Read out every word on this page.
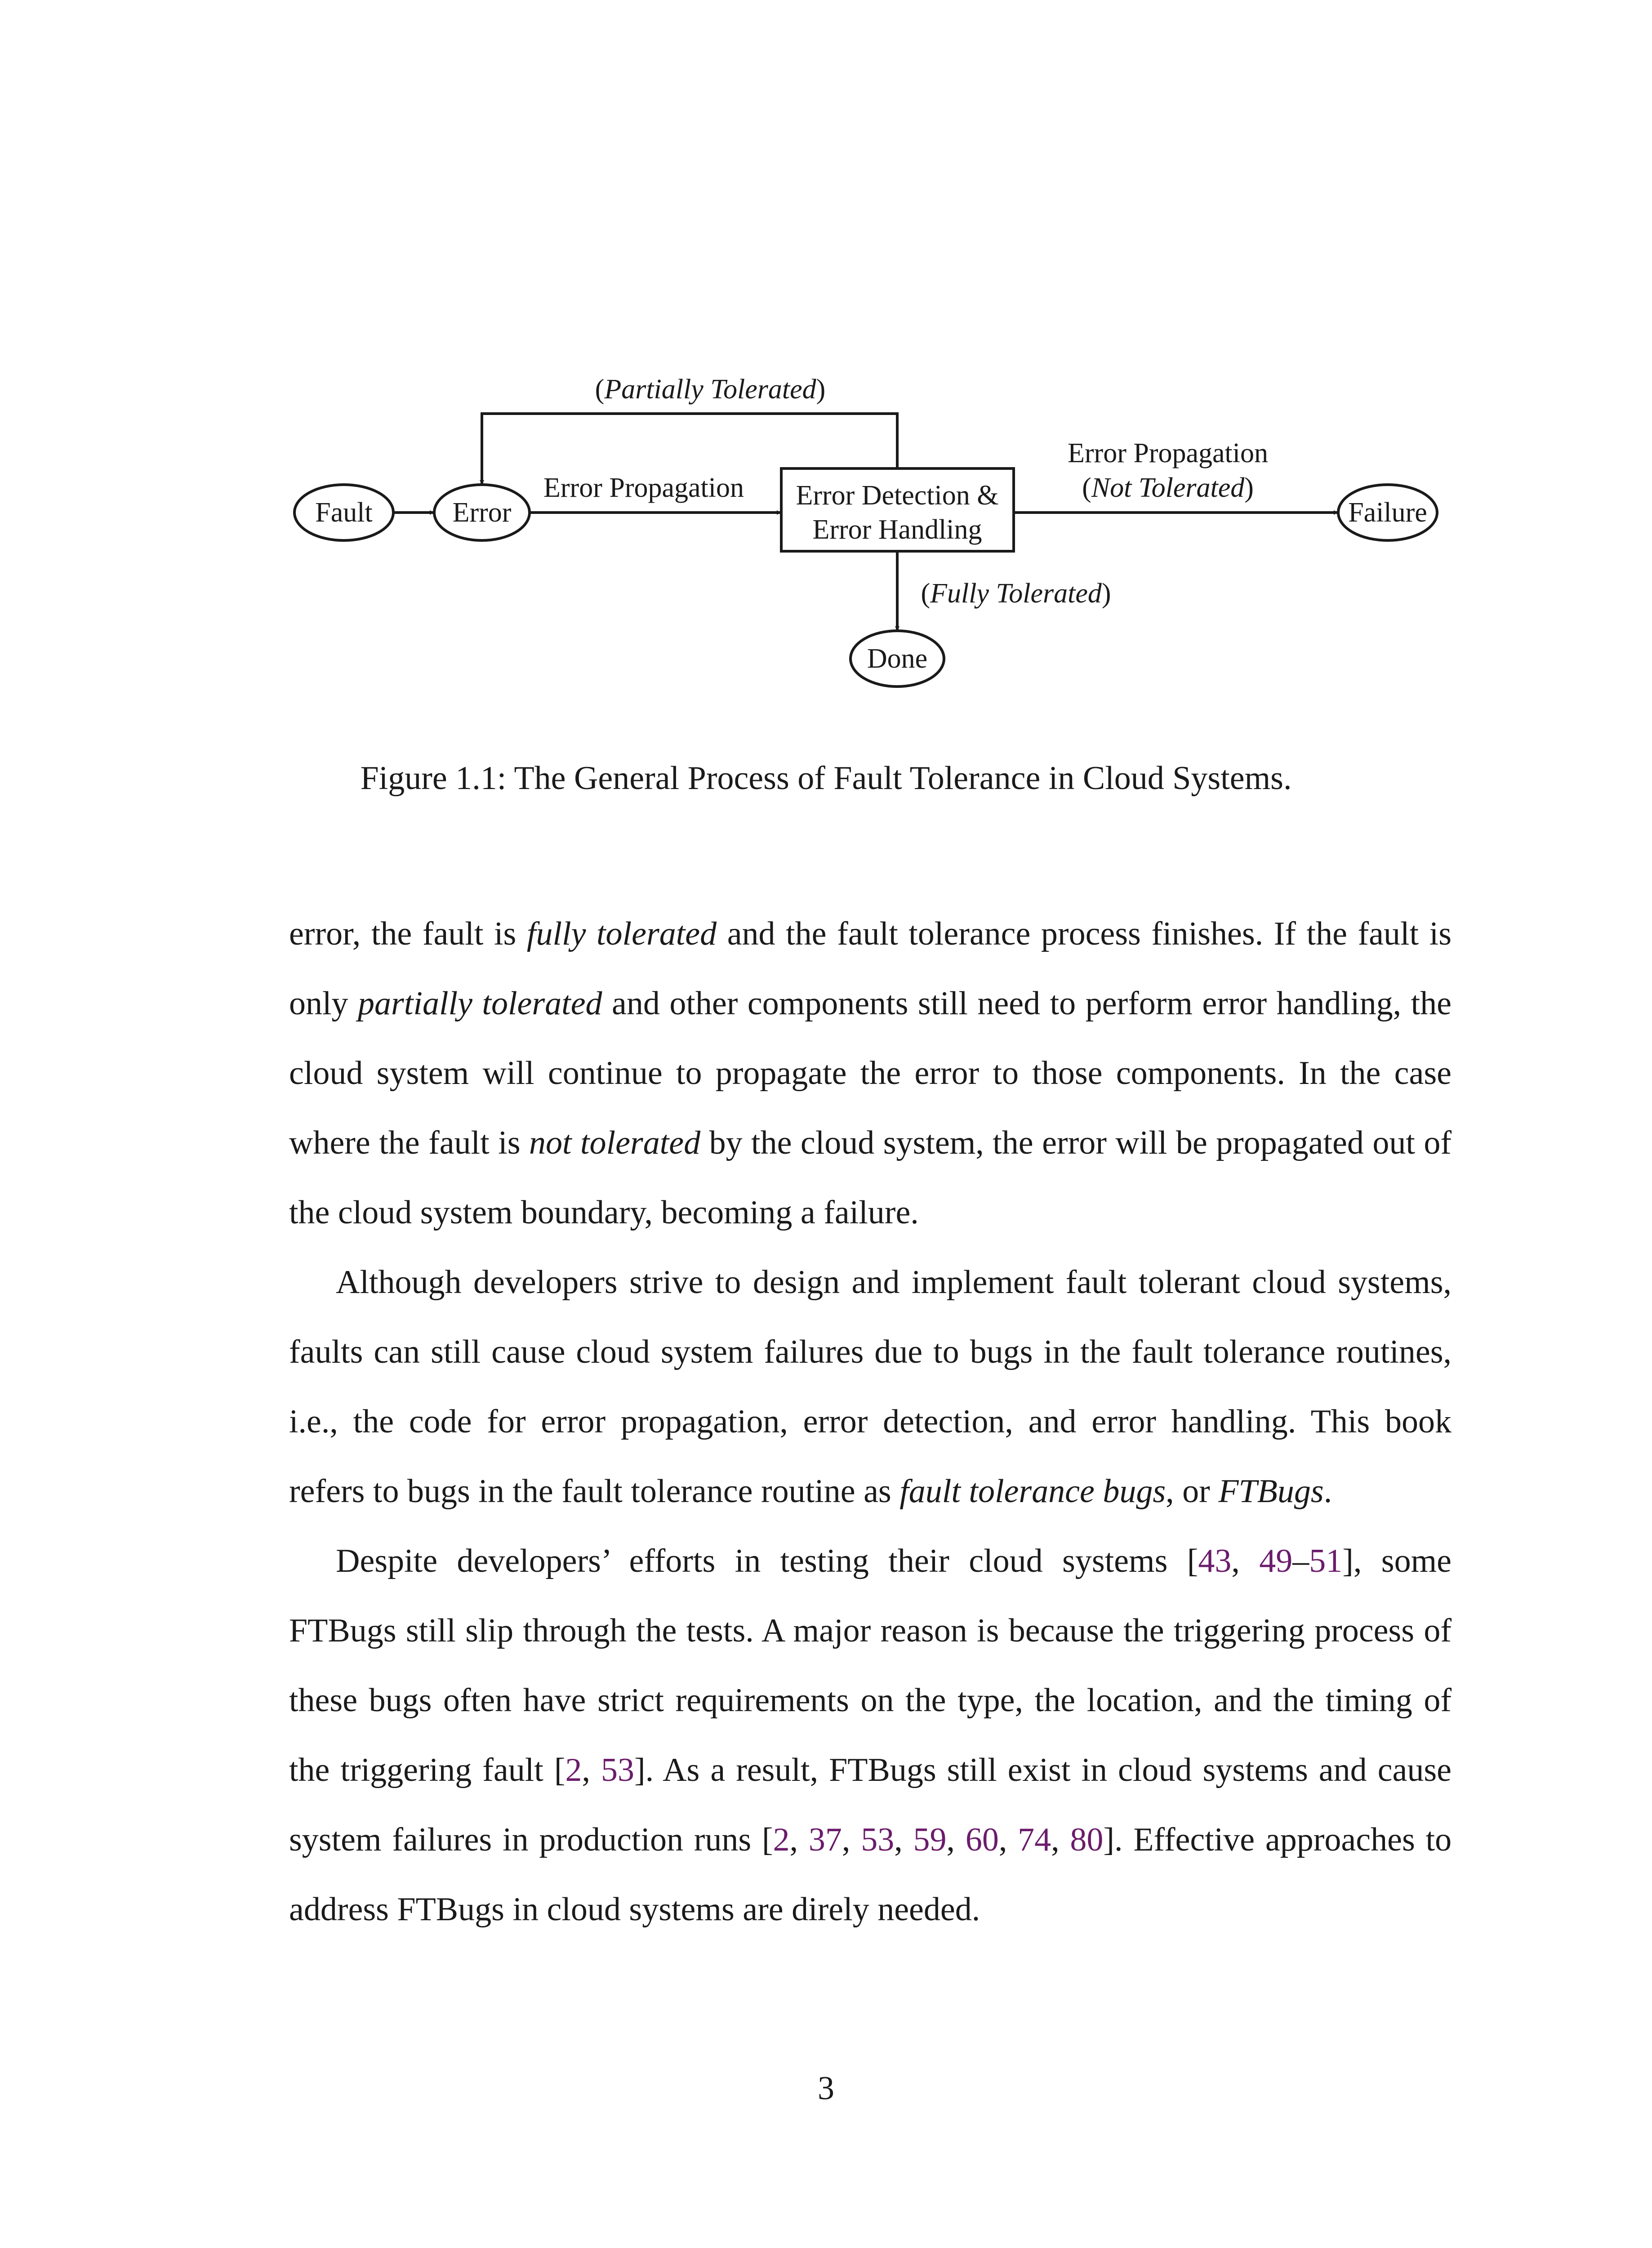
Fault	Error
Error Detection &
Error Handling
Failure
Done
(Partially Tolerated)
Error Propagation
Error Propagation
(Not Tolerated)
(Fully Tolerated)

Figure 1.1: The General Process of Fault Tolerance in Cloud Systems.

error, the fault is fully tolerated and the fault tolerance process finishes. If the fault is only partially tolerated and other components still need to perform error handling, the cloud system will continue to propagate the error to those components. In the case where the fault is not tolerated by the cloud system, the error will be propagated out of the cloud system boundary, becoming a failure.

Although developers strive to design and implement fault tolerant cloud systems, faults can still cause cloud system failures due to bugs in the fault tolerance routines, i.e., the code for error propagation, error detection, and error handling. This book refers to bugs in the fault tolerance routine as fault tolerance bugs, or FTBugs.

Despite developers’ efforts in testing their cloud systems [43, 49–51], some FTBugs still slip through the tests. A major reason is because the triggering process of these bugs often have strict requirements on the type, the location, and the timing of the triggering fault [2, 53]. As a result, FTBugs still exist in cloud systems and cause system failures in production runs [2, 37, 53, 59, 60, 74, 80]. Effective approaches to address FTBugs in cloud systems are direly needed.

3
